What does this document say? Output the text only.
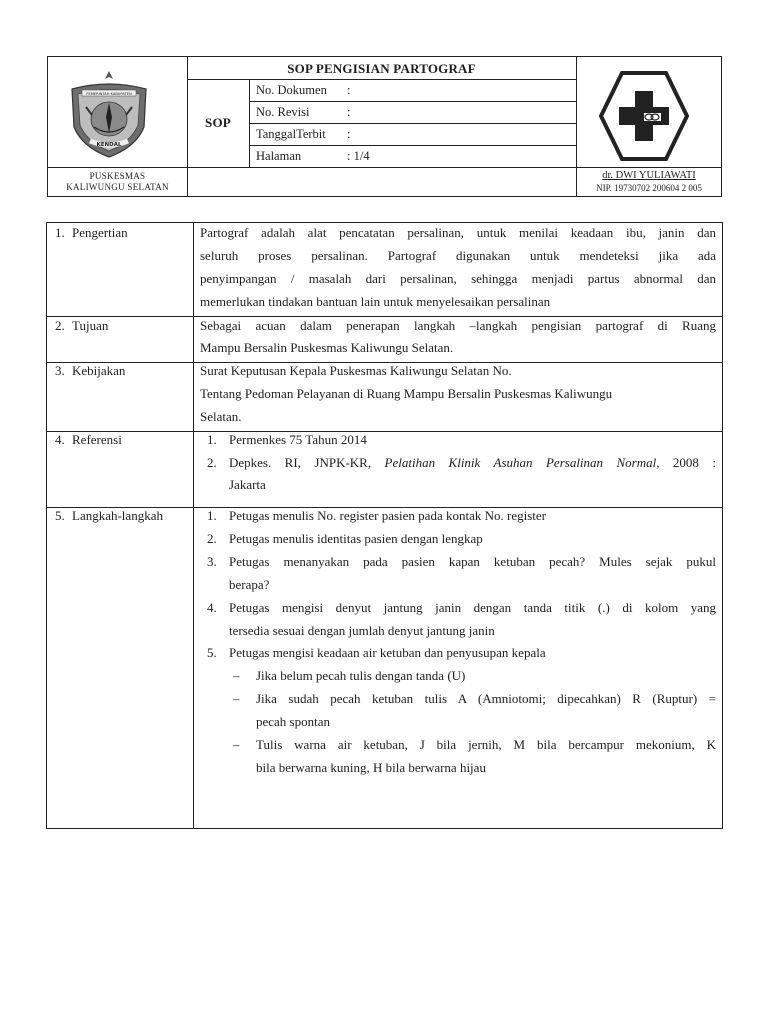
PEMERINTAH KABUPATEN
KENDAL
SOP PENGISIAN PARTOGRAF
SOP
No. Dokumen :
No. Revisi	:
TanggalTerbit :
Halaman	: 1/4
PUSKESMAS
KALIWUNGU SELATAN
dr. DWI YULIAWATI
NIP. 19730702 200604 2 005
1. Pengertian	Partograf adalah alat pencatatan persalinan, untuk menilai keadaan ibu, janin dan
seluruh proses persalinan. Partograf digunakan untuk mendeteksi jika ada
penyimpangan / masalah dari persalinan, sehingga menjadi partus abnormal dan
memerlukan tindakan bantuan lain untuk menyelesaikan persalinan
2. Tujuan	Sebagai acuan dalam penerapan langkah –langkah pengisian partograf di Ruang
Mampu Bersalin Puskesmas Kaliwungu Selatan.
3. Kebijakan	Surat Keputusan Kepala Puskesmas Kaliwungu Selatan No.
Tentang Pedoman Pelayanan di Ruang Mampu Bersalin Puskesmas Kaliwungu
Selatan.
4. Referensi	1. Permenkes 75 Tahun 2014
2. Depkes. RI, JNPK-KR, Pelatihan Klinik Asuhan Persalinan Normal, 2008 :
Jakarta
5. Langkah-langkah	1. Petugas menulis No. register pasien pada kontak No. register
2. Petugas menulis identitas pasien dengan lengkap
3. Petugas menanyakan pada pasien kapan ketuban pecah? Mules sejak pukul
berapa?
4. Petugas mengisi denyut jantung janin dengan tanda titik (.) di kolom yang
tersedia sesuai dengan jumlah denyut jantung janin
5. Petugas mengisi keadaan air ketuban dan penyusupan kepala
– Jika belum pecah tulis dengan tanda (U)
– Jika sudah pecah ketuban tulis A (Amniotomi; dipecahkan) R (Ruptur) =
pecah spontan
– Tulis warna air ketuban, J bila jernih, M bila bercampur mekonium, K
bila berwarna kuning, H bila berwarna hijau
